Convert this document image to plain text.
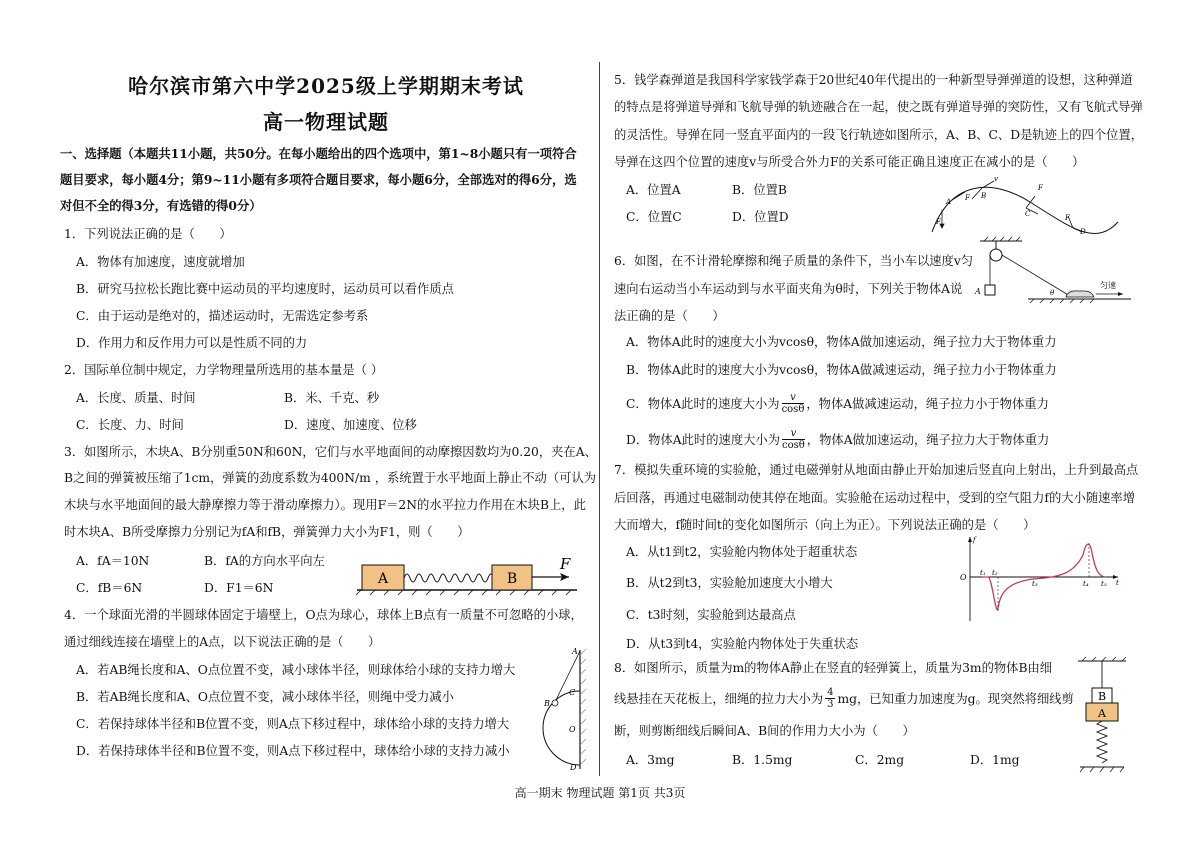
哈尔滨市第六中学2025级上学期期末考试
高一物理试题
一、选择题（本题共11小题，共50分。在每小题给出的四个选项中，第1~8小题只有一项符合
题目要求，每小题4分；第9~11小题有多项符合题目要求，每小题6分，全部选对的得6分，选
对但不全的得3分，有选错的得0分）
1．下列说法正确的是（　　）
A．物体有加速度，速度就增加
B．研究马拉松长跑比赛中运动员的平均速度时，运动员可以看作质点
C．由于运动是绝对的，描述运动时，无需选定参考系
D．作用力和反作用力可以是性质不同的力
2．国际单位制中规定，力学物理量所选用的基本量是（ ）
A．长度、质量、时间	B．米、千克、秒
C．长度、力、时间	D．速度、加速度、位移
3．如图所示，木块A、B分别重50N和60N，它们与水平地面间的动摩擦因数均为0.20，夹在A、
B之间的弹簧被压缩了1cm，弹簧的劲度系数为400N/m ，系统置于水平地面上静止不动（可认为
木块与水平地面间的最大静摩擦力等于滑动摩擦力）。现用F＝2N的水平拉力作用在木块B上，此
时木块A、B所受摩擦力分别记为fA和fB，弹簧弹力大小为F1，则（　　）
A．fA＝10N	B．fA的方向水平向左
C．fB＝6N	D．F1＝6N
A	B
F
4．一个球面光滑的半圆球体固定于墙壁上，O点为球心，球体上B点有一质量不可忽略的小球，
通过细线连接在墙壁上的A点，以下说法正确的是（　　）
A．若AB绳长度和A、O点位置不变，减小球体半径，则球体给小球的支持力增大
B．若AB绳长度和A、O点位置不变，减小球体半径，则绳中受力减小
C．若保持球体半径和B位置不变，则A点下移过程中，球体给小球的支持力增大
D．若保持球体半径和B位置不变，则A点下移过程中，球体给小球的支持力减小
A
B
C
O
D
5．钱学森弹道是我国科学家钱学森于20世纪40年代提出的一种新型导弹弹道的设想，这种弹道
的特点是将弹道导弹和飞航导弹的轨迹融合在一起，使之既有弹道导弹的突防性，又有飞航式导弹
的灵活性。导弹在同一竖直平面内的一段飞行轨迹如图所示，A、B、C、D是轨迹上的四个位置，
导弹在这四个位置的速度v与所受合外力F的关系可能正确且速度正在减小的是（　　）
A．位置A	B．位置B
C．位置C	D．位置D	F
A F B
v
C
F
F
D
6．如图，在不计滑轮摩擦和绳子质量的条件下，当小车以速度v匀
速向右运动当小车运动到与水平面夹角为θ时，下列关于物体A说
法正确的是（　　）
A．物体A此时的速度大小为vcosθ，物体A做加速运动，绳子拉力大于物体重力
B．物体A此时的速度大小为vcosθ，物体A做减速运动，绳子拉力小于物体重力
C．物体A此时的速度大小为 $\frac{v}{\cos\theta}$ ，物体A做减速运动，绳子拉力小于物体重力
D．物体A此时的速度大小为 $\frac{v}{\cos\theta}$ ，物体A做加速运动，绳子拉力大于物体重力
A	θ
匀速
7．模拟失重环境的实验舱，通过电磁弹射从地面由静止开始加速后竖直向上射出，上升到最高点
后回落，再通过电磁制动使其停在地面。实验舱在运动过程中，受到的空气阻力f的大小随速率增
大而增大，f随时间t的变化如图所示（向上为正）。下列说法正确的是（　　）
A．从t1到t2，实验舱内物体处于超重状态
B．从t2到t3，实验舱加速度大小增大
C．t3时刻，实验舱到达最高点
D．从t3到t4，实验舱内物体处于失重状态
f
O
t
t₁ t₂
t₃	t₄ t₅
8．如图所示，质量为m的物体A静止在竖直的轻弹簧上，质量为3m的物体B由细
线悬挂在天花板上，细绳的拉力大小为 $\frac{4}{3}$ mg，已知重力加速度为g。现突然将细线剪
断，则剪断细线后瞬间A、B间的作用力大小为（　　）
A．3mg	B．1.5mg	C．2mg	D．1mg
B
A
高一期末 物理试题 第1页 共3页
